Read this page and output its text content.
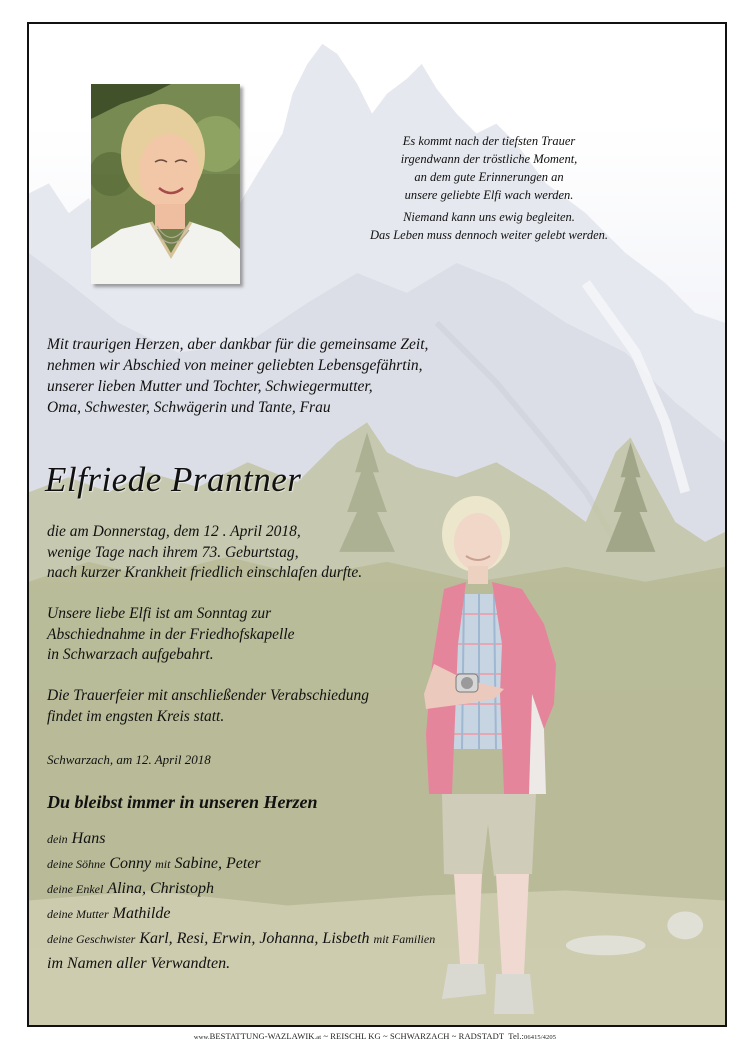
Es kommt nach der tiefsten Trauer
irgendwann der tröstliche Moment,
an dem gute Erinnerungen an
unsere geliebte Elfi wach werden.
Niemand kann uns ewig begleiten.
Das Leben muss dennoch weiter gelebt werden.
Mit traurigen Herzen, aber dankbar für die gemeinsame Zeit,
nehmen wir Abschied von meiner geliebten Lebensgefährtin,
unserer lieben Mutter und Tochter, Schwiegermutter,
Oma, Schwester, Schwägerin und Tante, Frau
Elfriede Prantner
die am Donnerstag, dem 12 . April 2018,
wenige Tage nach ihrem 73. Geburtstag,
nach kurzer Krankheit friedlich einschlafen durfte.
Unsere liebe Elfi ist am Sonntag zur
Abschiednahme in der Friedhofskapelle
in Schwarzach aufgebahrt.
Die Trauerfeier mit anschließender Verabschiedung
findet im engsten Kreis statt.
Schwarzach, am 12. April 2018
Du bleibst immer in unseren Herzen
dein Hans
deine Söhne Conny mit Sabine, Peter
deine Enkel Alina, Christoph
deine Mutter Mathilde
deine Geschwister Karl, Resi, Erwin, Johanna, Lisbeth mit Familien
im Namen aller Verwandten.
www.BESTATTUNG-WAZLAWIK.at ~ REISCHL KG ~ SCHWARZACH ~ RADSTADT  Tel.:06415/4205
